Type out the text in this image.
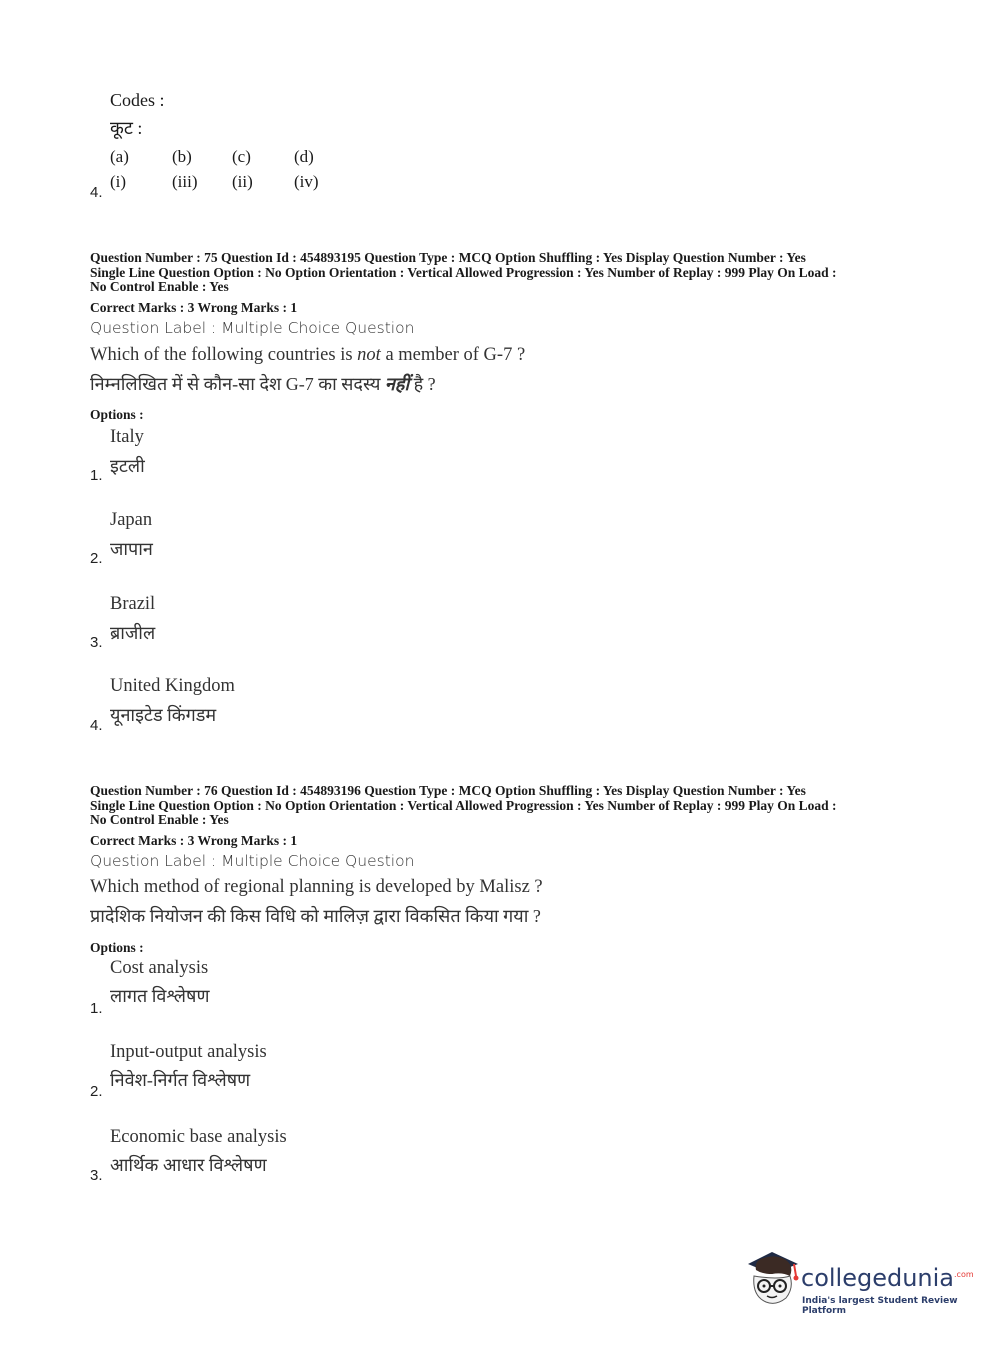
Codes :
कूट :
(a)	(b)	(c)	(d)
4.
(i)	(iii)	(ii)	(iv)
Question Number : 75 Question Id : 454893195 Question Type : MCQ Option Shuffling : Yes Display Question Number : Yes
Single Line Question Option : No Option Orientation : Vertical Allowed Progression : Yes Number of Replay : 999 Play On Load :
No Control Enable : Yes
Correct Marks : 3 Wrong Marks : 1
Question Label : Multiple Choice Question
Which of the following countries is not a member of G-7 ?
निम्नलिखित में से कौन-सा देश G-7 का सदस्य नहीं है ?
Options :
Italy
इटली
1.
Japan
जापान
2.
Brazil
ब्राजील
3.
United Kingdom
यूनाइटेड किंगडम
4.
Question Number : 76 Question Id : 454893196 Question Type : MCQ Option Shuffling : Yes Display Question Number : Yes
Single Line Question Option : No Option Orientation : Vertical Allowed Progression : Yes Number of Replay : 999 Play On Load :
No Control Enable : Yes
Correct Marks : 3 Wrong Marks : 1
Question Label : Multiple Choice Question
Which method of regional planning is developed by Malisz ?
प्रादेशिक नियोजन की किस विधि को मालिज़ द्वारा विकसित किया गया ?
Options :
Cost analysis
लागत विश्लेषण
1.
Input-output analysis
निवेश-निर्गत विश्लेषण
2.
Economic base analysis
आर्थिक आधार विश्लेषण
3.
collegedunia$^{.com}$
India's largest Student Review Platform
